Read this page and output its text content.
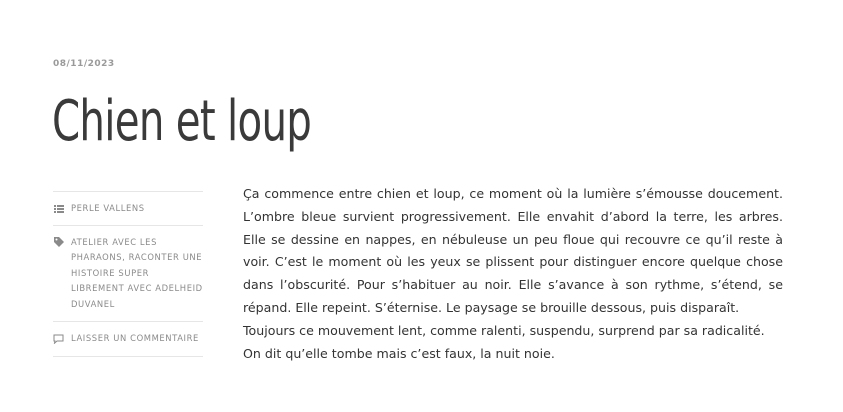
08/11/2023
Chien et loup
PERLE VALLENS
ATELIER AVEC LES PHARAONS, RACONTER UNE HISTOIRE SUPER LIBREMENT AVEC ADELHEID DUVANEL
LAISSER UN COMMENTAIRE

Ça commence entre chien et loup, ce moment où la lumière s’émousse doucement. L’ombre bleue survient progressivement. Elle envahit d’abord la terre, les arbres. Elle se dessine en nappes, en nébuleuse un peu floue qui recouvre ce qu’il reste à voir. C’est le moment où les yeux se plissent pour distinguer encore quelque chose dans l’obscurité. Pour s’habituer au noir. Elle s’avance à son rythme, s’étend, se répand. Elle repeint. S’éternise. Le paysage se brouille dessous, puis disparaît.

Toujours ce mouvement lent, comme ralenti, suspendu, surprend par sa radicalité.

On dit qu’elle tombe mais c’est faux, la nuit noie.
